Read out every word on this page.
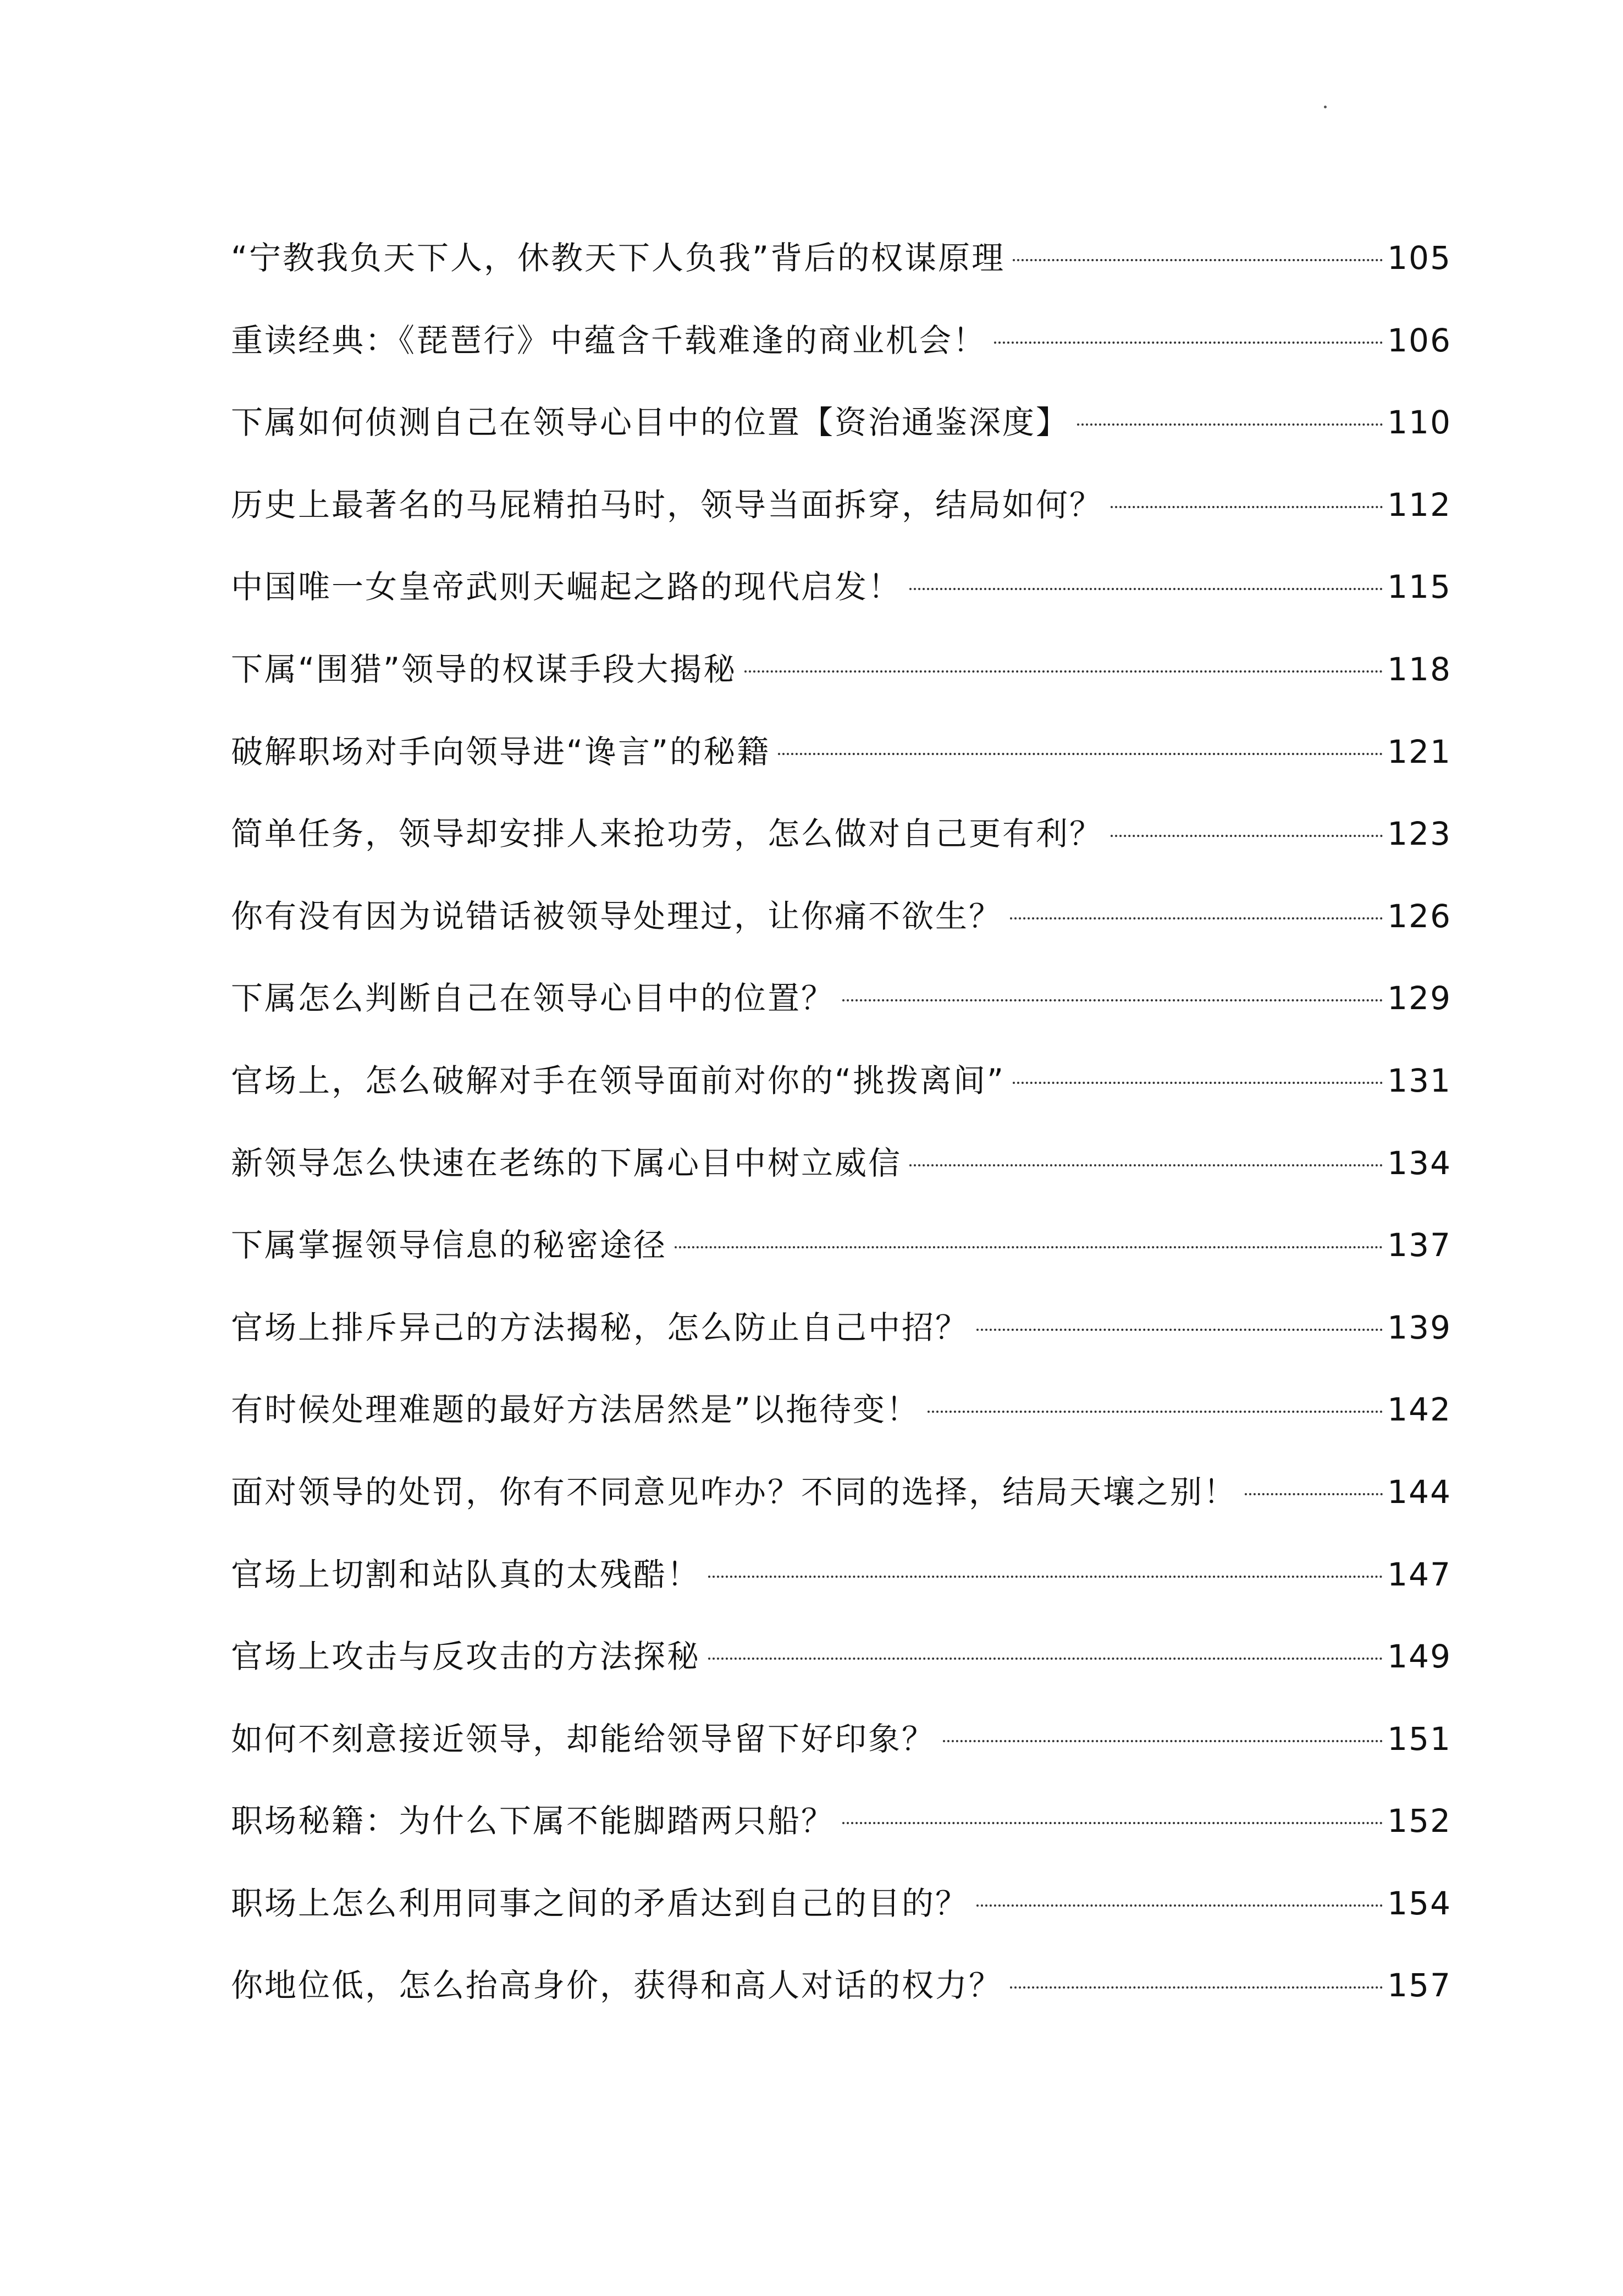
“宁教我负天下人，休教天下人负我”背后的权谋原理	105
重读经典：《琵琶行》中蕴含千载难逢的商业机会！	106
下属如何侦测自己在领导心目中的位置【资治通鉴深度】	110
历史上最著名的马屁精拍马时，领导当面拆穿，结局如何？	112
中国唯一女皇帝武则天崛起之路的现代启发！	115
下属“围猎”领导的权谋手段大揭秘	118
破解职场对手向领导进“谗言”的秘籍	121
简单任务，领导却安排人来抢功劳，怎么做对自己更有利？	123
你有没有因为说错话被领导处理过，让你痛不欲生？	126
下属怎么判断自己在领导心目中的位置？	129
官场上，怎么破解对手在领导面前对你的“挑拨离间”	131
新领导怎么快速在老练的下属心目中树立威信	134
下属掌握领导信息的秘密途径	137
官场上排斥异己的方法揭秘，怎么防止自己中招？	139
有时候处理难题的最好方法居然是”以拖待变！	142
面对领导的处罚，你有不同意见咋办？不同的选择，结局天壤之别！	144
官场上切割和站队真的太残酷！	147
官场上攻击与反攻击的方法探秘	149
如何不刻意接近领导，却能给领导留下好印象？	151
职场秘籍：为什么下属不能脚踏两只船？	152
职场上怎么利用同事之间的矛盾达到自己的目的？	154
你地位低，怎么抬高身价，获得和高人对话的权力？	157
